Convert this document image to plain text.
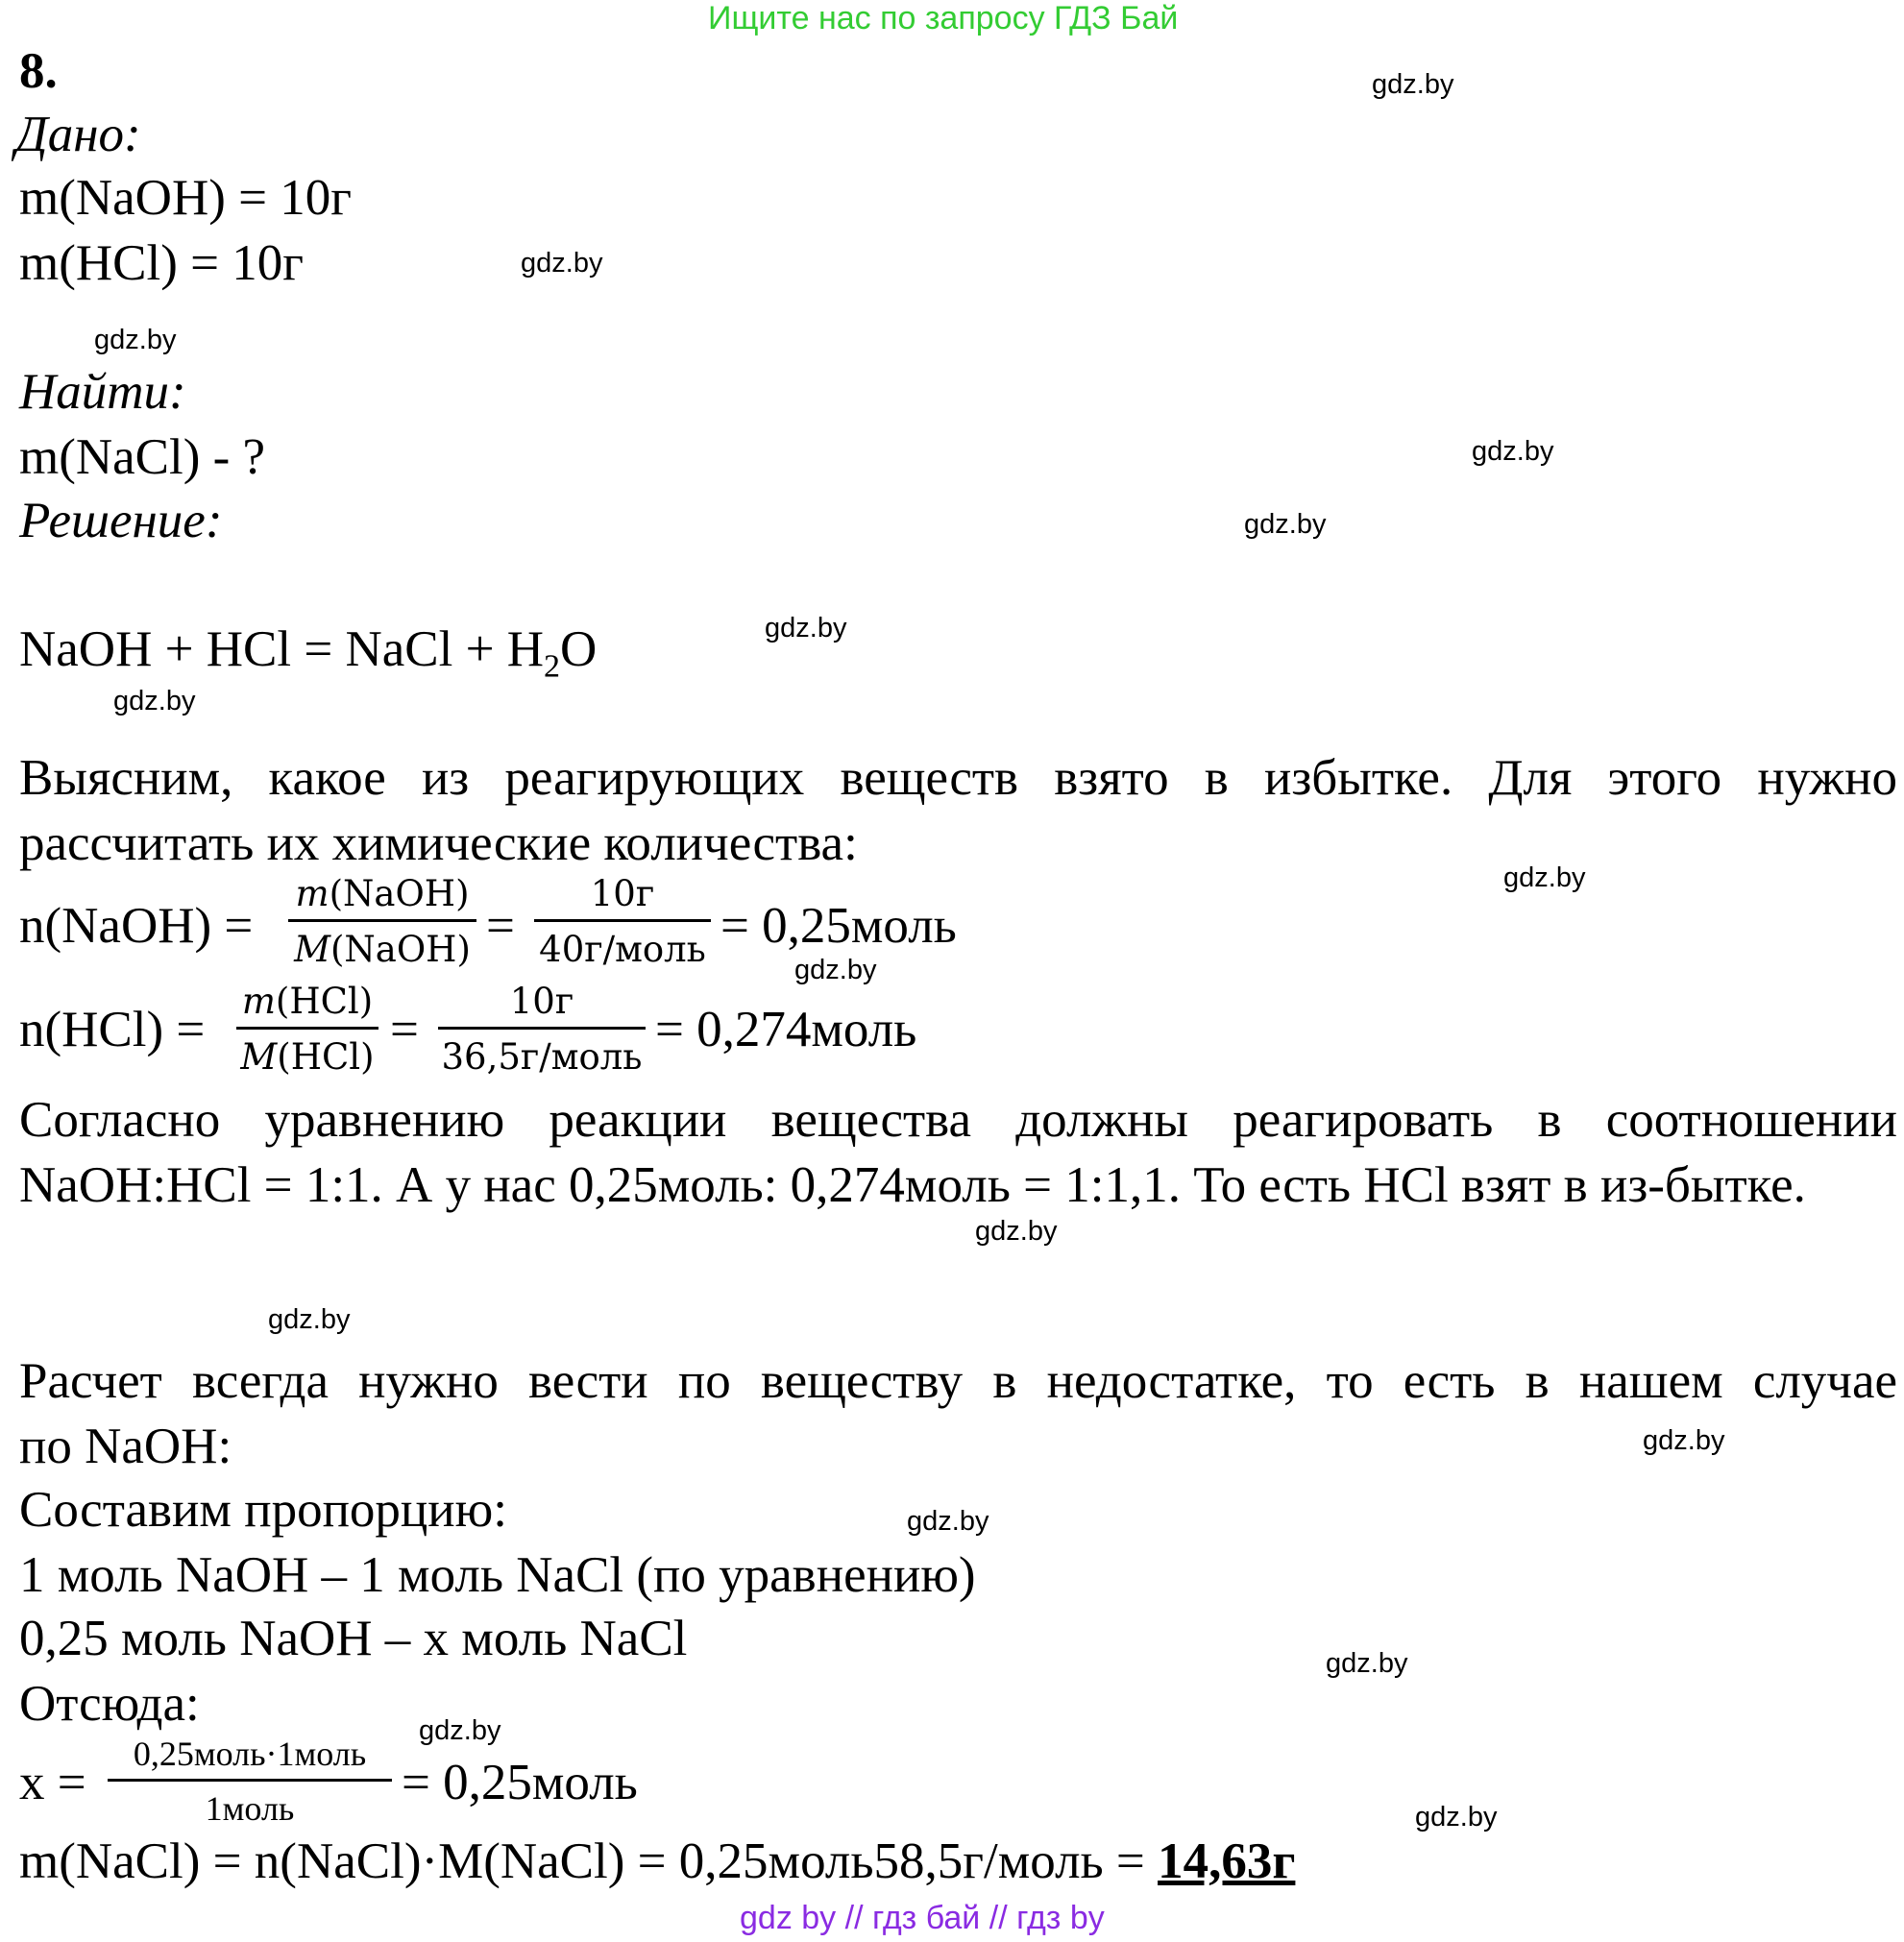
Ищите нас по запросу ГДЗ Бай
gdz by // гдз бай // гдз by
gdz.by
gdz.by
gdz.by
gdz.by
gdz.by
gdz.by
gdz.by
gdz.by
gdz.by
gdz.by
gdz.by
gdz.by
gdz.by
gdz.by
gdz.by
gdz.by
8.
Дано:
m(NaOH) = 10г
m(HCl) = 10г
Найти:
m(NaCl) - ?
Решение:
NaOH + HCl = NaCl + $H_2O$
Выясним, какое из реагирующих веществ взято в избытке. Для этого нужно рассчитать их химические количества:
n(NaOH) =
m(NaOH)
M(NaOH) =
10г
40г/моль = 0,25моль
n(HCl) =
m(HCl)
M(HCl) =
10г
36,5г/моль = 0,274моль
Согласно уравнению реакции вещества должны реагировать в соотношении NaOH:HCl = 1:1. А у нас 0,25моль: 0,274моль = 1:1,1. То есть HCl взят в из-бытке.
Расчет всегда нужно вести по веществу в недостатке, то есть в нашем случае
по NaOH:
Составим пропорцию:
1 моль NaOH – 1 моль NaCl (по уравнению)
0,25 моль NaOH – x моль NaCl
Отсюда:
x =
0,25моль·1моль
1моль	= 0,25моль
m(NaCl) = n(NaCl)·M(NaCl) = 0,25моль58,5г/моль = 14,63г
